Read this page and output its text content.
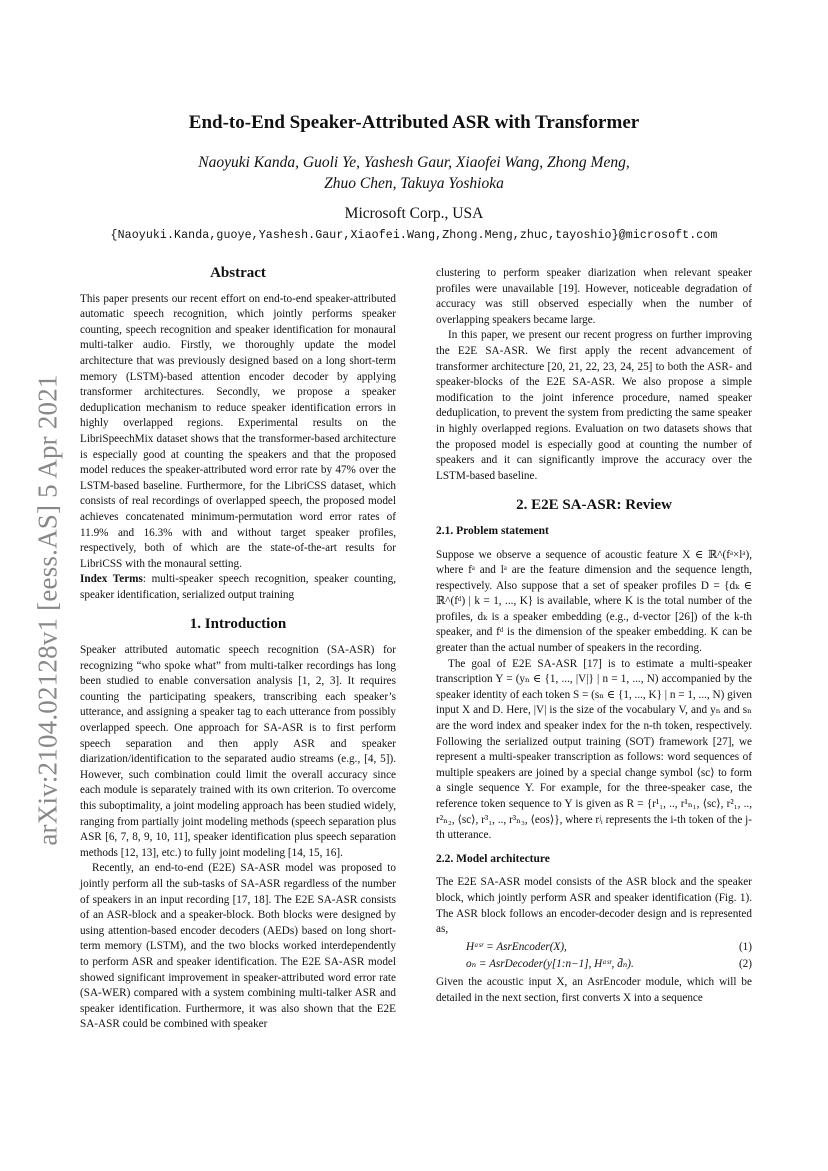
arXiv:2104.02128v1 [eess.AS] 5 Apr 2021
End-to-End Speaker-Attributed ASR with Transformer
Naoyuki Kanda, Guoli Ye, Yashesh Gaur, Xiaofei Wang, Zhong Meng,
Zhuo Chen, Takuya Yoshioka
Microsoft Corp., USA
{Naoyuki.Kanda,guoye,Yashesh.Gaur,Xiaofei.Wang,Zhong.Meng,zhuc,tayoshio}@microsoft.com
Abstract

This paper presents our recent effort on end-to-end speaker-attributed automatic speech recognition, which jointly performs speaker counting, speech recognition and speaker identification for monaural multi-talker audio. Firstly, we thoroughly update the model architecture that was previously designed based on a long short-term memory (LSTM)-based attention encoder decoder by applying transformer architectures. Secondly, we propose a speaker deduplication mechanism to reduce speaker identification errors in highly overlapped regions. Experimental results on the LibriSpeechMix dataset shows that the transformer-based architecture is especially good at counting the speakers and that the proposed model reduces the speaker-attributed word error rate by 47% over the LSTM-based baseline. Furthermore, for the LibriCSS dataset, which consists of real recordings of overlapped speech, the proposed model achieves concatenated minimum-permutation word error rates of 11.9% and 16.3% with and without target speaker profiles, respectively, both of which are the state-of-the-art results for LibriCSS with the monaural setting.

Index Terms: multi-speaker speech recognition, speaker counting, speaker identification, serialized output training

1. Introduction

Speaker attributed automatic speech recognition (SA-ASR) for recognizing “who spoke what” from multi-talker recordings has long been studied to enable conversation analysis [1, 2, 3]. It requires counting the participating speakers, transcribing each speaker’s utterance, and assigning a speaker tag to each utterance from possibly overlapped speech. One approach for SA-ASR is to first perform speech separation and then apply ASR and speaker diarization/identification to the separated audio streams (e.g., [4, 5]). However, such combination could limit the overall accuracy since each module is separately trained with its own criterion. To overcome this suboptimality, a joint modeling approach has been studied widely, ranging from partially joint modeling methods (speech separation plus ASR [6, 7, 8, 9, 10, 11], speaker identification plus speech separation methods [12, 13], etc.) to fully joint modeling [14, 15, 16].

Recently, an end-to-end (E2E) SA-ASR model was proposed to jointly perform all the sub-tasks of SA-ASR regardless of the number of speakers in an input recording [17, 18]. The E2E SA-ASR consists of an ASR-block and a speaker-block. Both blocks were designed by using attention-based encoder decoders (AEDs) based on long short-term memory (LSTM), and the two blocks worked interdependently to perform ASR and speaker identification. The E2E SA-ASR model showed significant improvement in speaker-attributed word error rate (SA-WER) compared with a system combining multi-talker ASR and speaker identification. Furthermore, it was also shown that the E2E SA-ASR could be combined with speaker

clustering to perform speaker diarization when relevant speaker profiles were unavailable [19]. However, noticeable degradation of accuracy was still observed especially when the number of overlapping speakers became large.

In this paper, we present our recent progress on further improving the E2E SA-ASR. We first apply the recent advancement of transformer architecture [20, 21, 22, 23, 24, 25] to both the ASR- and speaker-blocks of the E2E SA-ASR. We also propose a simple modification to the joint inference procedure, named speaker deduplication, to prevent the system from predicting the same speaker in highly overlapped regions. Evaluation on two datasets shows that the proposed model is especially good at counting the number of speakers and it can significantly improve the accuracy over the LSTM-based baseline.

2. E2E SA-ASR: Review
2.1. Problem statement

Suppose we observe a sequence of acoustic feature X ∈ ℝ^(fᵃ×lᵃ), where fᵃ and lᵃ are the feature dimension and the sequence length, respectively. Also suppose that a set of speaker profiles D = {dₖ ∈ ℝ^(fᵈ) | k = 1, ..., K} is available, where K is the total number of the profiles, dₖ is a speaker embedding (e.g., d-vector [26]) of the k-th speaker, and fᵈ is the dimension of the speaker embedding. K can be greater than the actual number of speakers in the recording.

The goal of E2E SA-ASR [17] is to estimate a multi-speaker transcription Y = (yₙ ∈ {1, ..., |V|} | n = 1, ..., N) accompanied by the speaker identity of each token S = (sₙ ∈ {1, ..., K} | n = 1, ..., N) given input X and D. Here, |V| is the size of the vocabulary V, and yₙ and sₙ are the word index and speaker index for the n-th token, respectively. Following the serialized output training (SOT) framework [27], we represent a multi-speaker transcription as follows: word sequences of multiple speakers are joined by a special change symbol ⟨sc⟩ to form a single sequence Y. For example, for the three-speaker case, the reference token sequence to Y is given as R = {r¹₁, .., r¹ₙ₁, ⟨sc⟩, r²₁, .., r²ₙ₂, ⟨sc⟩, r³₁, .., r³ₙ₃, ⟨eos⟩}, where rʲᵢ represents the i-th token of the j-th utterance.

2.2. Model architecture

The E2E SA-ASR model consists of the ASR block and the speaker block, which jointly perform ASR and speaker identification (Fig. 1). The ASR block follows an encoder-decoder design and is represented as,

Hᵃˢʳ = AsrEncoder(X),	(1)
oₙ = AsrDecoder(y[1:n−1], Hᵃˢʳ, d̄ₙ).	(2)

Given the acoustic input X, an AsrEncoder module, which will be detailed in the next section, first converts X into a sequence
